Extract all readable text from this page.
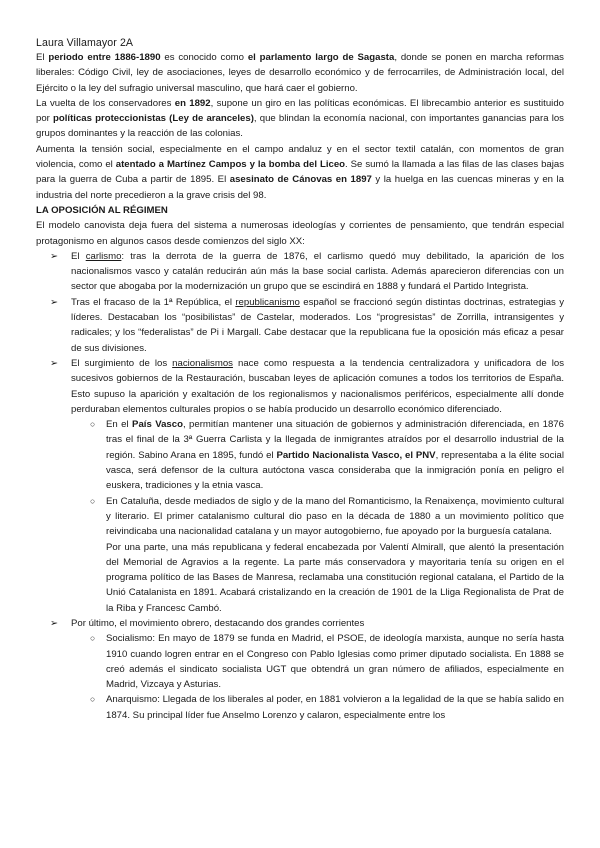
Laura Villamayor 2A

El periodo entre 1886-1890 es conocido como el parlamento largo de Sagasta, donde se ponen en marcha reformas liberales: Código Civil, ley de asociaciones, leyes de desarrollo económico y de ferrocarriles, de Administración local, del Ejército o la ley del sufragio universal masculino, que hará caer el gobierno.

La vuelta de los conservadores en 1892, supone un giro en las políticas económicas. El librecambio anterior es sustituido por políticas proteccionistas (Ley de aranceles), que blindan la economía nacional, con importantes ganancias para los grupos dominantes y la reacción de las colonias.

Aumenta la tensión social, especialmente en el campo andaluz y en el sector textil catalán, con momentos de gran violencia, como el atentado a Martínez Campos y la bomba del Liceo. Se sumó la llamada a las filas de las clases bajas para la guerra de Cuba a partir de 1895. El asesinato de Cánovas en 1897 y la huelga en las cuencas mineras y en la industria del norte precedieron a la grave crisis del 98.

LA OPOSICIÓN AL RÉGIMEN

El modelo canovista deja fuera del sistema a numerosas ideologías y corrientes de pensamiento, que tendrán especial protagonismo en algunos casos desde comienzos del siglo XX:

➢ El carlismo: tras la derrota de la guerra de 1876, el carlismo quedó muy debilitado, la aparición de los nacionalismos vasco y catalán reducirán aún más la base social carlista. Además aparecieron diferencias con un sector que abogaba por la modernización un grupo que se escindirá en 1888 y fundará el Partido Integrista.
➢ Tras el fracaso de la 1ª República, el republicanismo español se fraccionó según distintas doctrinas, estrategias y líderes. Destacaban los “posibilistas” de Castelar, moderados. Los “progresistas” de Zorrilla, intransigentes y radicales; y los “federalistas” de Pi i Margall. Cabe destacar que la republicana fue la oposición más eficaz a pesar de sus divisiones.
➢ El surgimiento de los nacionalismos nace como respuesta a la tendencia centralizadora y unificadora de los sucesivos gobiernos de la Restauración, buscaban leyes de aplicación comunes a todos los territorios de España. Esto supuso la aparición y exaltación de los regionalismos y nacionalismos periféricos, especialmente allí donde perduraban elementos culturales propios o se había producido un desarrollo económico diferenciado.
○ En el País Vasco, permitían mantener una situación de gobiernos y administración diferenciada, en 1876 tras el final de la 3ª Guerra Carlista y la llegada de inmigrantes atraídos por el desarrollo industrial de la región. Sabino Arana en 1895, fundó el Partido Nacionalista Vasco, el PNV, representaba a la élite social vasca, será defensor de la cultura autóctona vasca consideraba que la inmigración ponía en peligro el euskera, tradiciones y la etnia vasca.
○ En Cataluña, desde mediados de siglo y de la mano del Romanticismo, la Renaixença, movimiento cultural y literario. El primer catalanismo cultural dio paso en la década de 1880 a un movimiento político que reivindicaba una nacionalidad catalana y un mayor autogobierno, fue apoyado por la burguesía catalana.

Por una parte, una más republicana y federal encabezada por Valentí Almirall, que alentó la presentación del Memorial de Agravios a la regente. La parte más conservadora y mayoritaria tenía su origen en el programa político de las Bases de Manresa, reclamaba una constitución regional catalana, el Partido de la Unió Catalanista en 1891. Acabará cristalizando en la creación de 1901 de la Lliga Regionalista de Prat de la Riba y Francesc Cambó.

➢ Por último, el movimiento obrero, destacando dos grandes corrientes
○ Socialismo: En mayo de 1879 se funda en Madrid, el PSOE, de ideología marxista, aunque no sería hasta 1910 cuando logren entrar en el Congreso con Pablo Iglesias como primer diputado socialista. En 1888 se creó además el sindicato socialista UGT que obtendrá un gran número de afiliados, especialmente en Madrid, Vizcaya y Asturias.
○ Anarquismo: Llegada de los liberales al poder, en 1881 volvieron a la legalidad de la que se había salido en 1874. Su principal líder fue Anselmo Lorenzo y calaron, especialmente entre los
